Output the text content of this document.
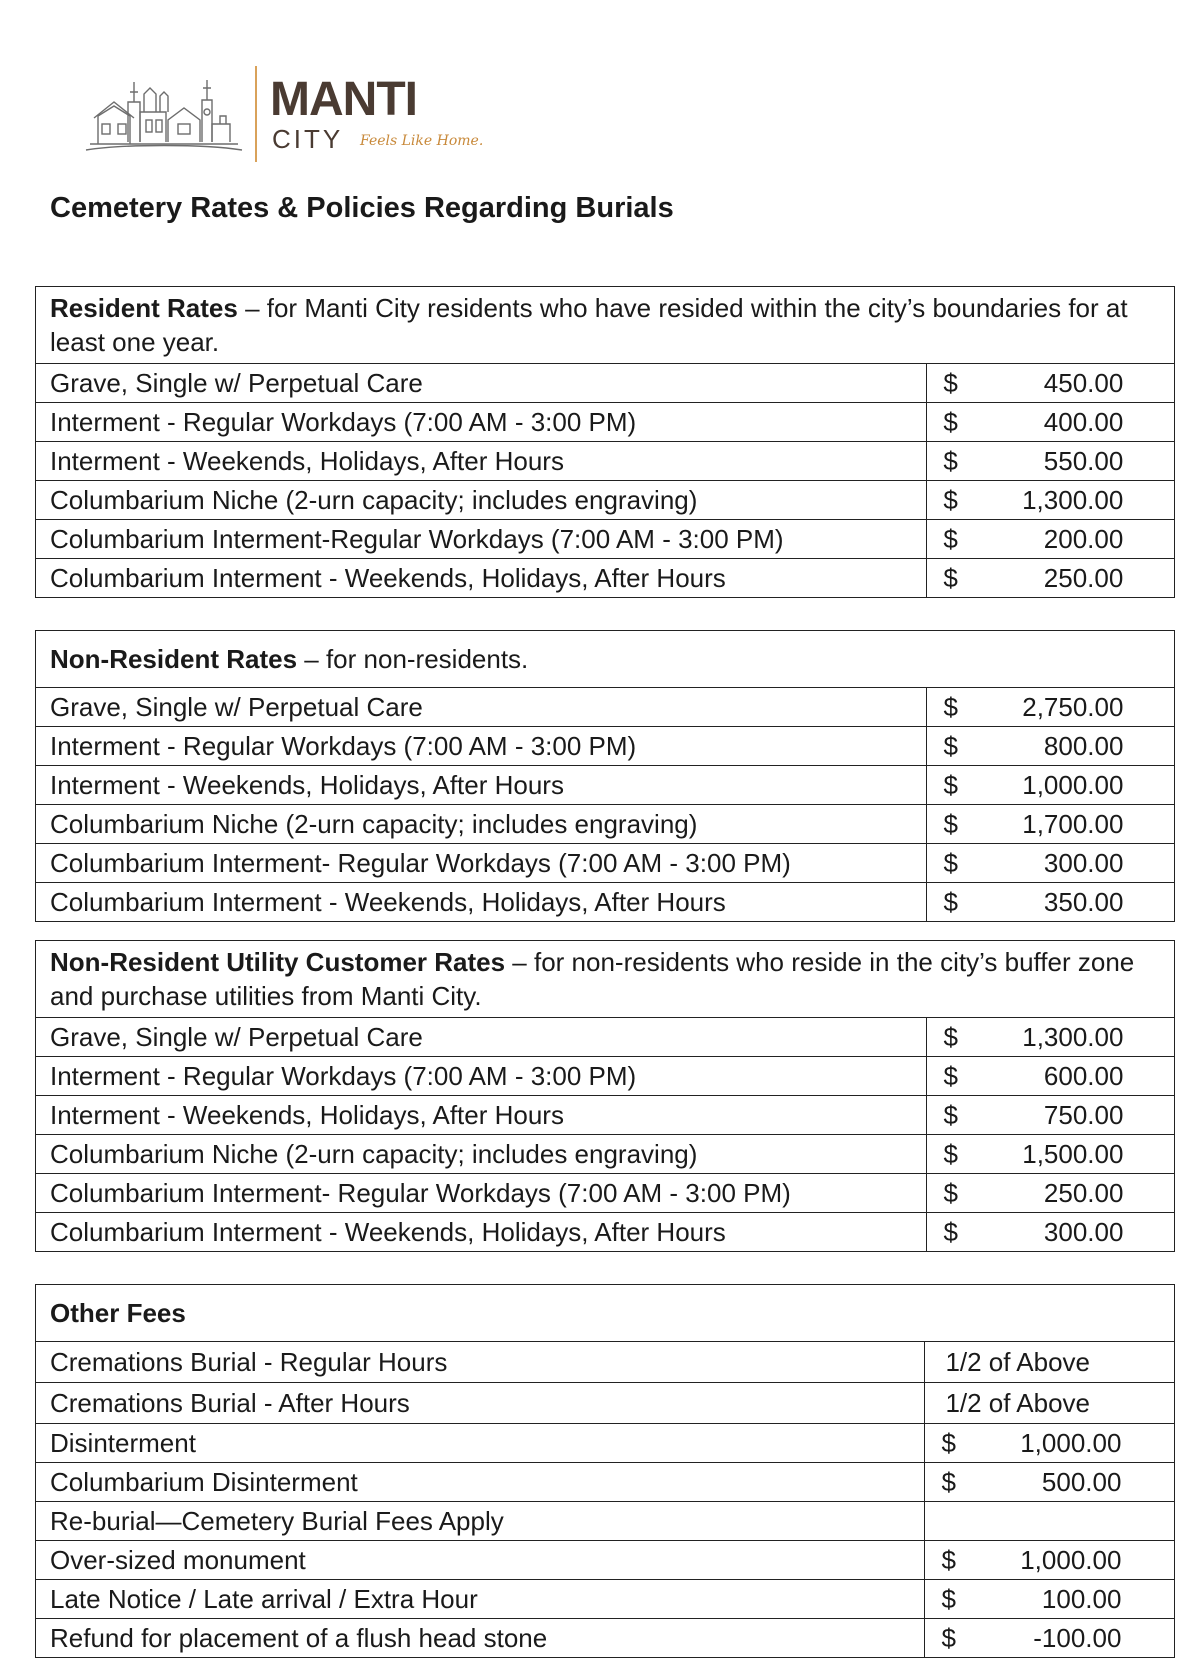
MANTI
CITY Feels Like Home.
Cemetery Rates & Policies Regarding Burials
Resident Rates – for Manti City residents who have resided within the city’s boundaries for at least one year.	
Grave, Single w/ Perpetual Care	$ 450.00
Interment - Regular Workdays (7:00 AM - 3:00 PM)	$ 400.00
Interment - Weekends, Holidays, After Hours	$ 550.00
Columbarium Niche (2-urn capacity; includes engraving)	$ 1,300.00
Columbarium Interment-Regular Workdays (7:00 AM - 3:00 PM)	$ 200.00
Columbarium Interment - Weekends, Holidays, After Hours	$ 250.00
Non-Resident Rates – for non-residents.	
Grave, Single w/ Perpetual Care	$ 2,750.00
Interment - Regular Workdays (7:00 AM - 3:00 PM)	$ 800.00
Interment - Weekends, Holidays, After Hours	$ 1,000.00
Columbarium Niche (2-urn capacity; includes engraving)	$ 1,700.00
Columbarium Interment- Regular Workdays (7:00 AM - 3:00 PM)	$ 300.00
Columbarium Interment - Weekends, Holidays, After Hours	$ 350.00
Non-Resident Utility Customer Rates – for non-residents who reside in the city’s buffer zone and purchase utilities from Manti City.	
Grave, Single w/ Perpetual Care	$ 1,300.00
Interment - Regular Workdays (7:00 AM - 3:00 PM)	$ 600.00
Interment - Weekends, Holidays, After Hours	$ 750.00
Columbarium Niche (2-urn capacity; includes engraving)	$ 1,500.00
Columbarium Interment- Regular Workdays (7:00 AM - 3:00 PM)	$ 250.00
Columbarium Interment - Weekends, Holidays, After Hours	$ 300.00
Other Fees	
Cremations Burial - Regular Hours	1/2 of Above
Cremations Burial - After Hours	1/2 of Above
Disinterment	$ 1,000.00
Columbarium Disinterment	$ 500.00
Re-burial—Cemetery Burial Fees Apply	
Over-sized monument	$ 1,000.00
Late Notice / Late arrival / Extra Hour	$ 100.00
Refund for placement of a flush head stone	$ -100.00
